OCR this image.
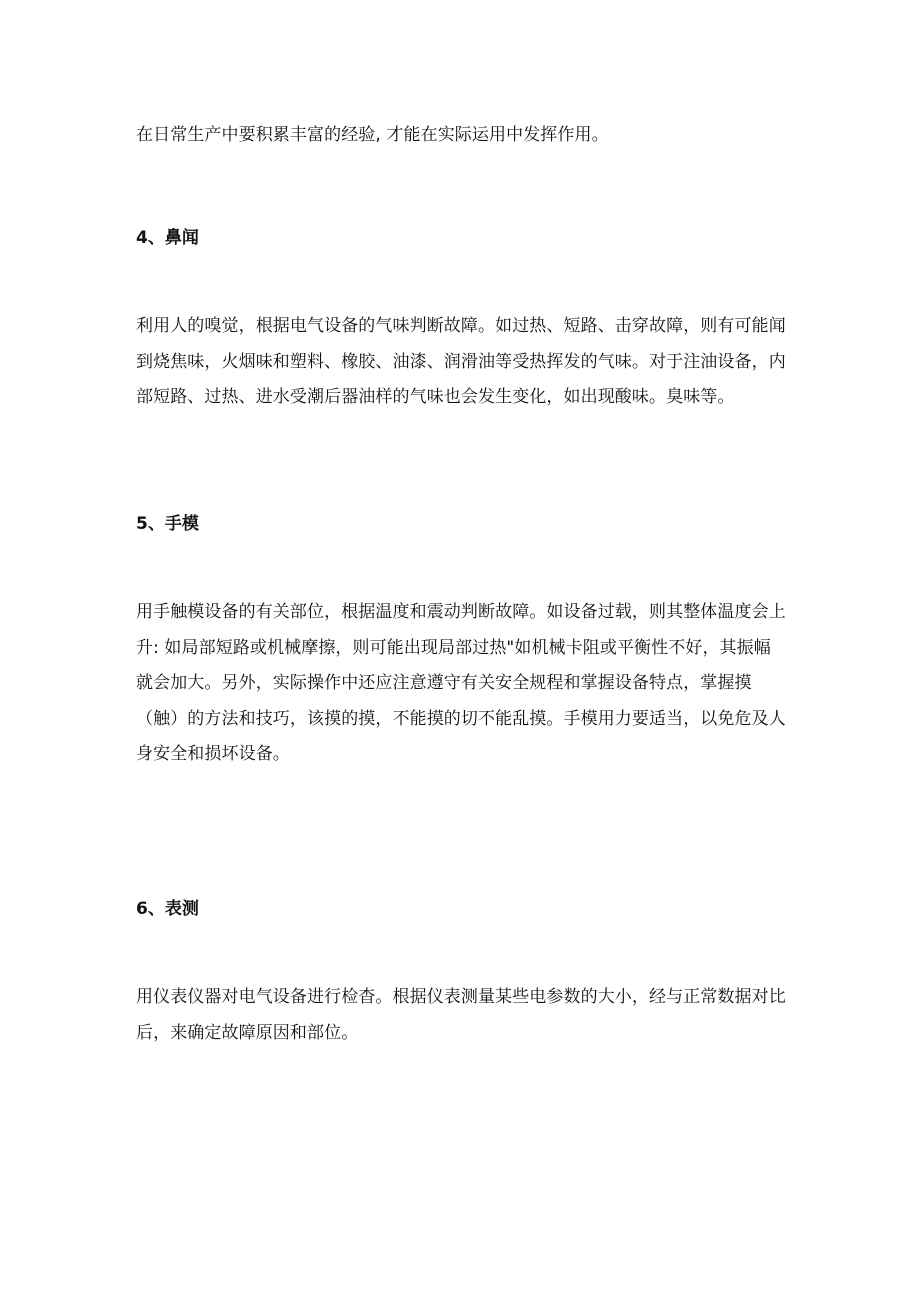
在日常生产中要积累丰富的经验, 才能在实际运用中发挥作用。
4、鼻闻
利用人的嗅觉，根据电气设备的气味判断故障。如过热、短路、击穿故障，则有可能闻到烧焦味，火烟味和塑料、橡胶、油漆、润滑油等受热挥发的气味。对于注油设备，内部短路、过热、进水受潮后器油样的气味也会发生变化，如出现酸味。臭味等。
5、手模
用手触模设备的有关部位，根据温度和震动判断故障。如设备过载，则其整体温度会上升: 如局部短路或机械摩擦，则可能出现局部过热"如机械卡阻或平衡性不好，其振幅就会加大。另外，实际操作中还应注意遵守有关安全规程和掌握设备特点，掌握摸（触）的方法和技巧，该摸的摸，不能摸的切不能乱摸。手模用力要适当，以免危及人身安全和损坏设备。
6、表测
用仪表仪器对电气设备进行检杳。根据仪表测量某些电参数的大小，经与正常数据对比后，来确定故障原因和部位。
